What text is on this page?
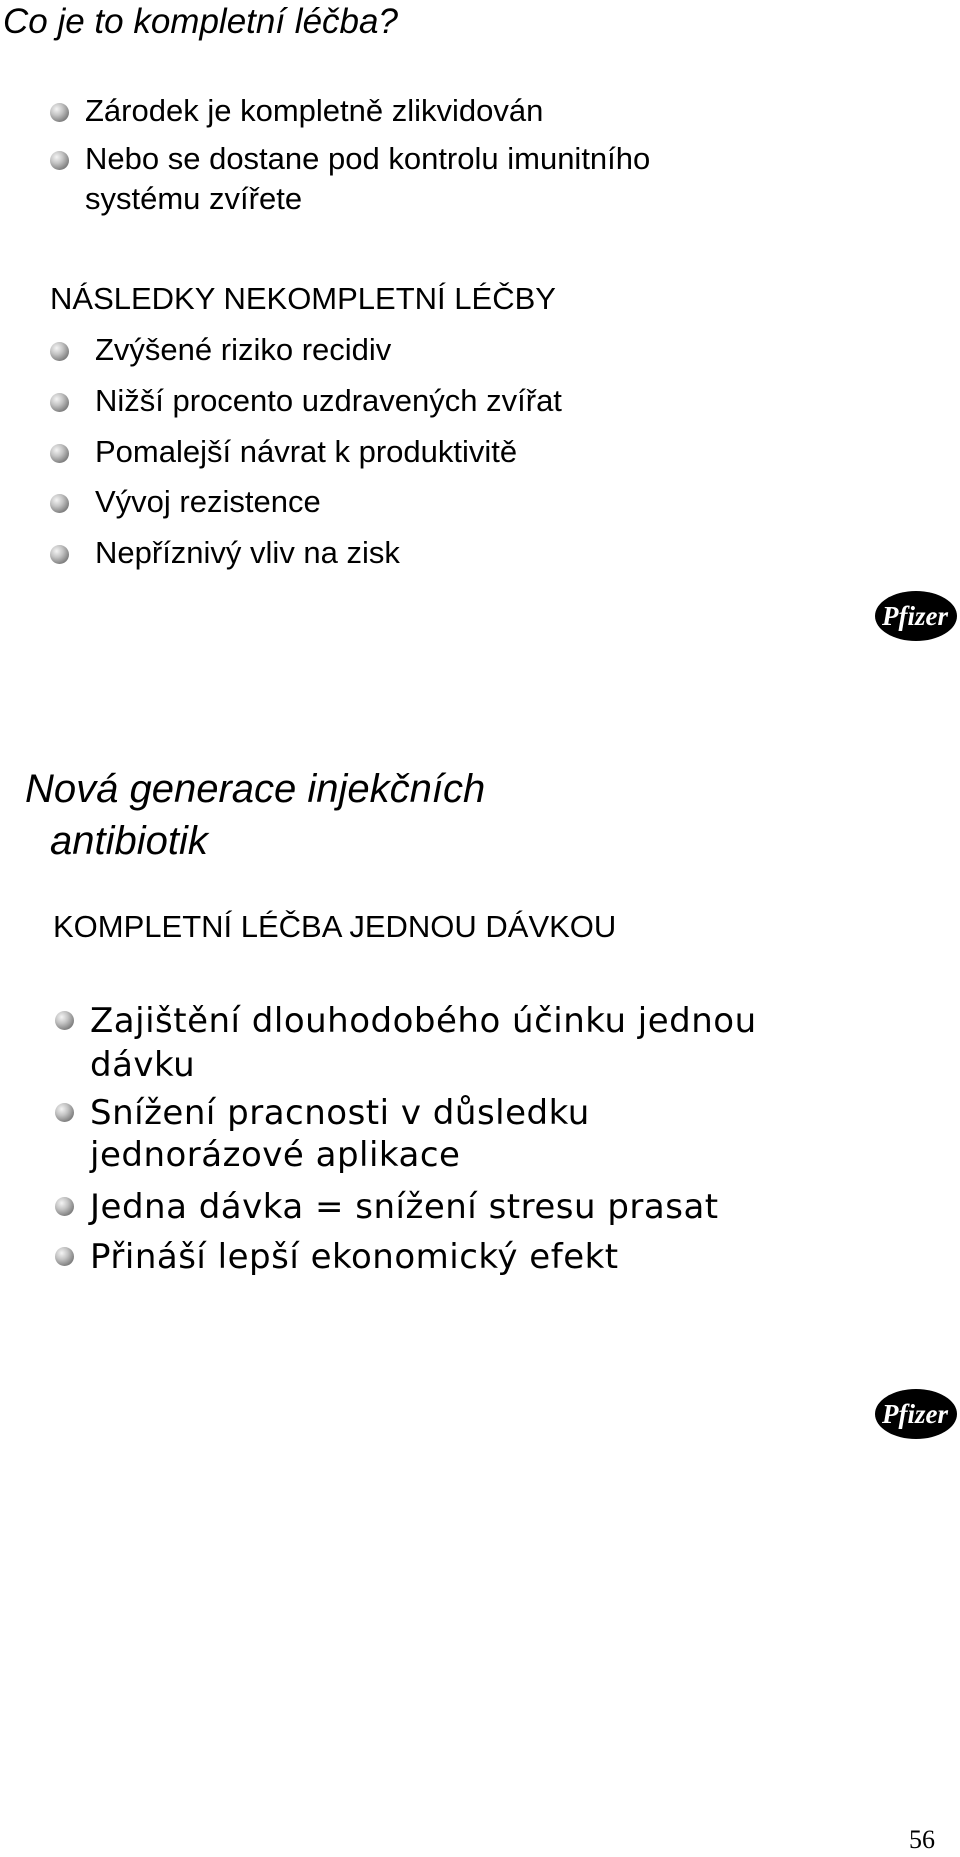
Co je to kompletní léčba?
Zárodek je kompletně zlikvidován
Nebo se dostane pod kontrolu imunitního
systému zvířete
NÁSLEDKY NEKOMPLETNÍ LÉČBY
Zvýšené riziko recidiv
Nižší procento uzdravených zvířat
Pomalejší návrat k produktivitě
Vývoj rezistence
Nepříznivý vliv na zisk
Pfizer
Nová generace injekčních
antibiotik
KOMPLETNÍ LÉČBA JEDNOU DÁVKOU
Zajištění dlouhodobého účinku jednou
dávku
Snížení pracnosti v důsledku
jednorázové aplikace
Jedna dávka = snížení stresu prasat
Přináší lepší ekonomický efekt
Pfizer
56
